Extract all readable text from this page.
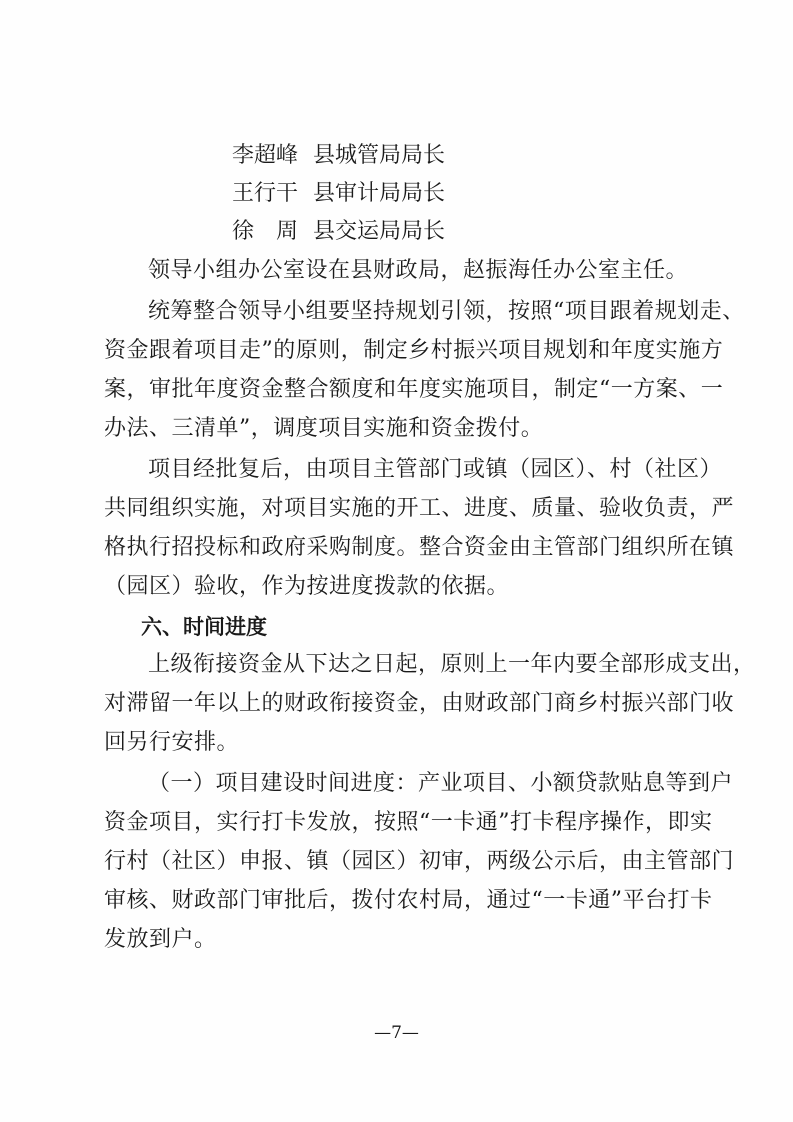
李超峰 县城管局局长
王行干 县审计局局长
徐　周 县交运局局长
领导小组办公室设在县财政局，赵振海任办公室主任。
统筹整合领导小组要坚持规划引领，按照“项目跟着规划走、
资金跟着项目走”的原则，制定乡村振兴项目规划和年度实施方
案，审批年度资金整合额度和年度实施项目，制定“一方案、一
办法、三清单”，调度项目实施和资金拨付。
项目经批复后，由项目主管部门或镇（园区）、村（社区）
共同组织实施，对项目实施的开工、进度、质量、验收负责，严
格执行招投标和政府采购制度。整合资金由主管部门组织所在镇
（园区）验收，作为按进度拨款的依据。
六、时间进度
上级衔接资金从下达之日起，原则上一年内要全部形成支出，
对滞留一年以上的财政衔接资金，由财政部门商乡村振兴部门收
回另行安排。
（一）项目建设时间进度：产业项目、小额贷款贴息等到户
资金项目，实行打卡发放，按照“一卡通”打卡程序操作，即实
行村（社区）申报、镇（园区）初审，两级公示后，由主管部门
审核、财政部门审批后，拨付农村局，通过“一卡通”平台打卡
发放到户。
—7—
